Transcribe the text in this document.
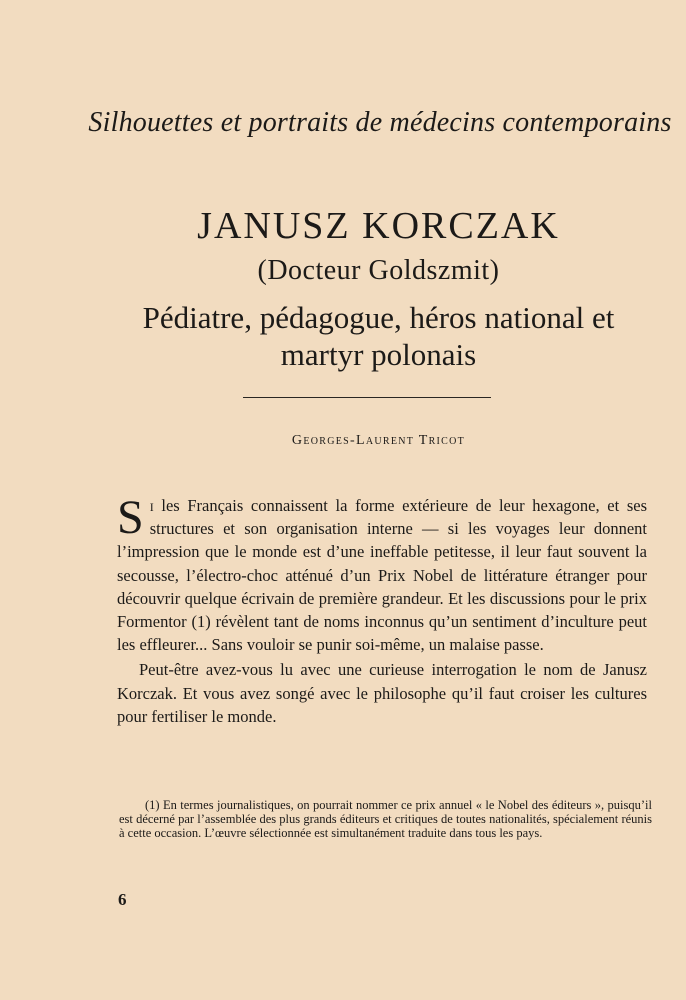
Silhouettes et portraits de médecins contemporains
JANUSZ KORCZAK
(Docteur Goldszmit)
Pédiatre, pédagogue, héros national et martyr polonais
Georges-Laurent Tricot

Si les Français connaissent la forme extérieure de leur hexagone, et ses structures et son organisation interne — si les voyages leur donnent l’impression que le monde est d’une ineffable petitesse, il leur faut souvent la secousse, l’électro-choc atténué d’un Prix Nobel de littérature étranger pour découvrir quelque écrivain de première grandeur. Et les discussions pour le prix Formentor (1) révèlent tant de noms inconnus qu’un sentiment d’inculture peut les effleurer... Sans vouloir se punir soi-même, un malaise passe.

Peut-être avez-vous lu avec une curieuse interrogation le nom de Janusz Korczak. Et vous avez songé avec le philosophe qu’il faut croiser les cultures pour fertiliser le monde.

(1) En termes journalistiques, on pourrait nommer ce prix annuel « le Nobel des éditeurs », puisqu’il est décerné par l’assemblée des plus grands éditeurs et critiques de toutes nationalités, spécialement réunis à cette occasion. L’œuvre sélectionnée est simultanément traduite dans tous les pays.

6
